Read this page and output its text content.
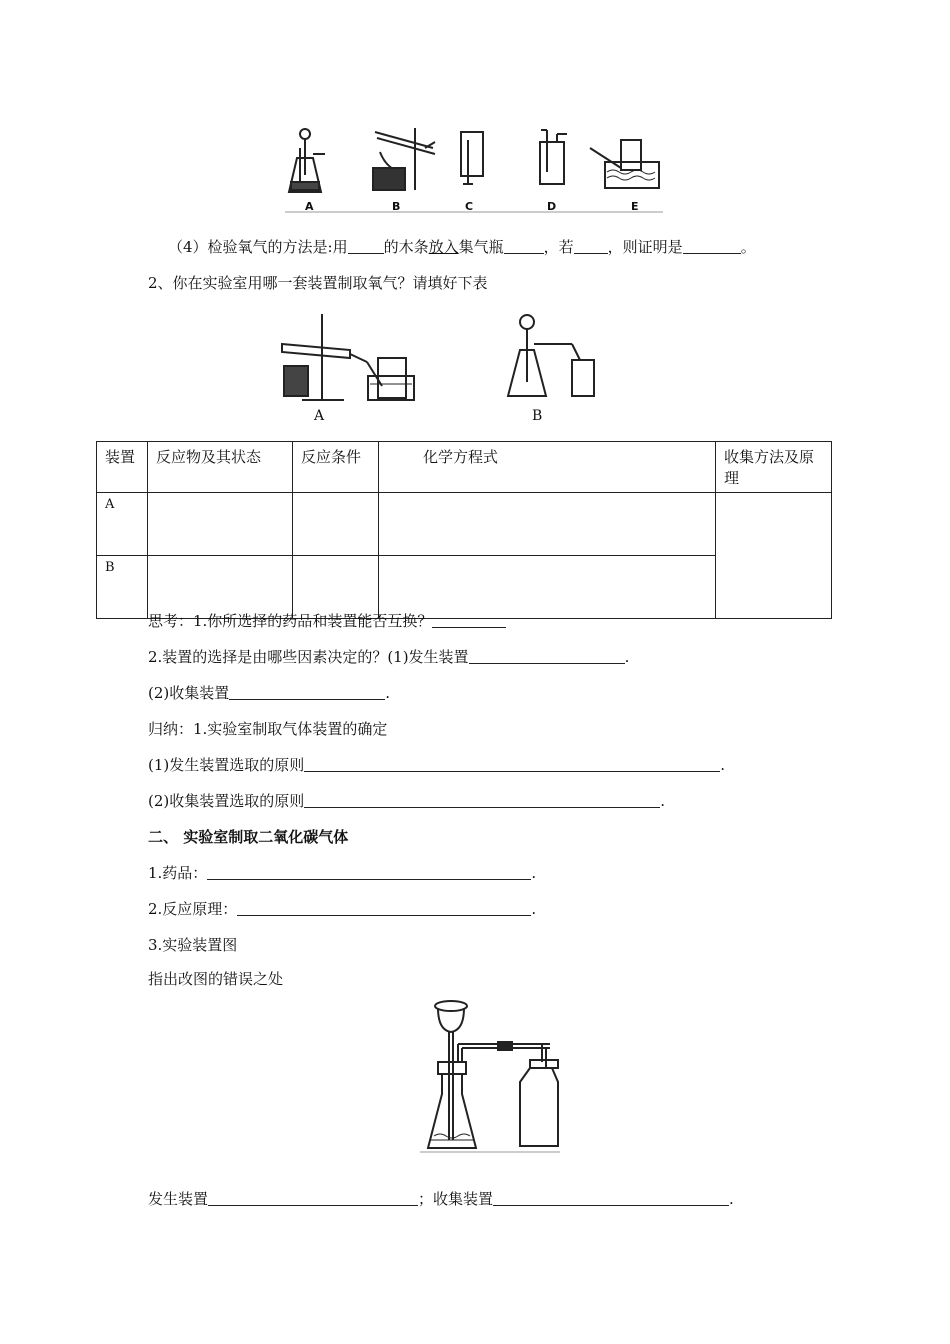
A	B	C	D	E
（4）检验氧气的方法是:用 的木条放入集气瓶	，若 ，则证明是	。
2、你在实验室用哪一套装置制取氧气？请填好下表
A	B
装置	反应物及其状态	反应条件	化学方程式	收集方法及原理
A				
B				
思考：1.你所选择的药品和装置能否互换？
2.装置的选择是由哪些因素决定的？(1)发生装置	.
(2)收集装置	.
归纳：1.实验室制取气体装置的确定
(1)发生装置选取的原则	.
(2)收集装置选取的原则	.
二、 实验室制取二氧化碳气体
1.药品：	.
2.反应原理：	.
3.实验装置图
指出改图的错误之处
发生装置	；收集装置	.
